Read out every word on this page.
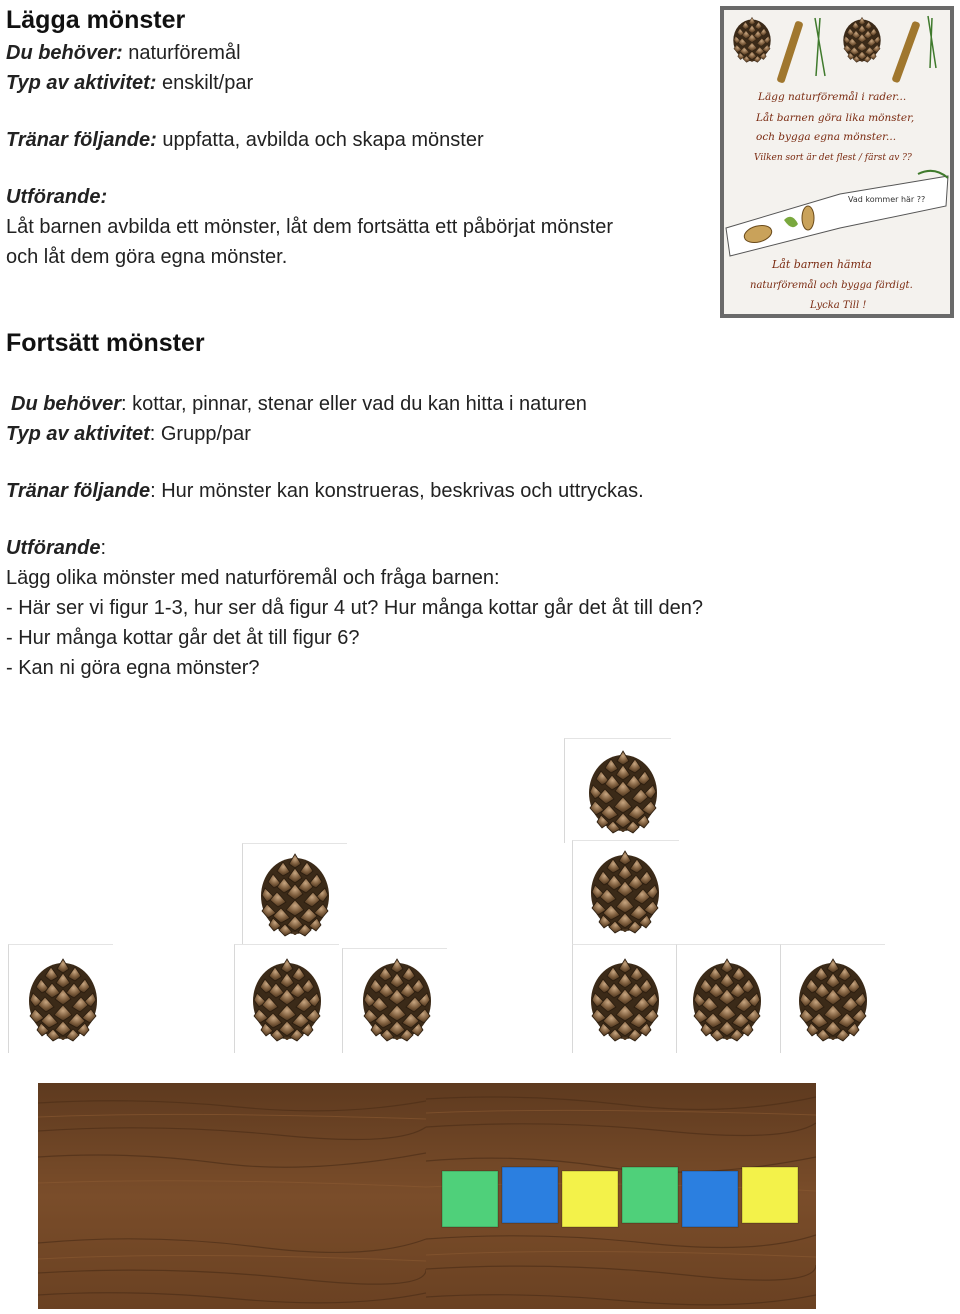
Lägga mönster
Du behöver: naturföremål
Typ av aktivitet: enskilt/par
Tränar följande: uppfatta, avbilda och skapa mönster
Utförande:
Låt barnen avbilda ett mönster, låt dem fortsätta ett påbörjat mönster
och låt dem göra egna mönster.
Lägg naturföremål i rader...
Låt barnen göra lika mönster,
och bygga egna mönster...
Vilken sort är det flest / färst av ??
Vad kommer här ??
Låt barnen hämta
naturföremål och bygga färdigt.
Lycka Till !
Fortsätt mönster
Du behöver: kottar, pinnar, stenar eller vad du kan hitta i naturen
Typ av aktivitet: Grupp/par
Tränar följande: Hur mönster kan konstrueras, beskrivas och uttryckas.
Utförande:
Lägg olika mönster med naturföremål och fråga barnen:
- Här ser vi figur 1-3, hur ser då figur 4 ut? Hur många kottar går det åt till den?
- Hur många kottar går det åt till figur 6?
- Kan ni göra egna mönster?
